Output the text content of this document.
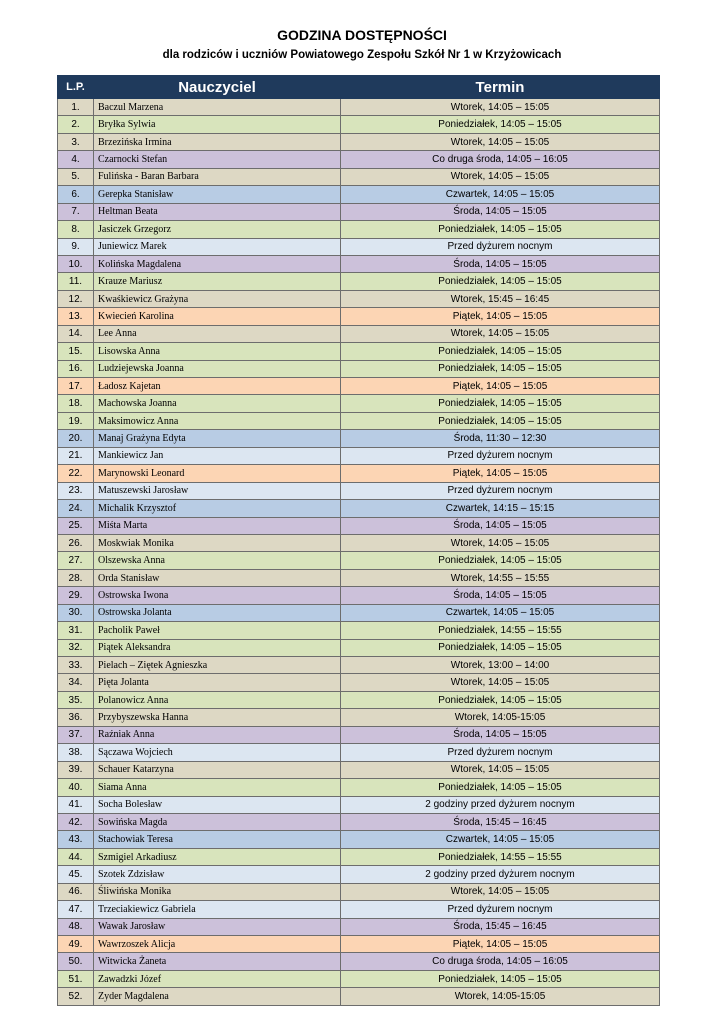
GODZINA DOSTĘPNOŚCI
dla rodziców i uczniów Powiatowego Zespołu Szkół Nr 1 w Krzyżowicach
L.P.	Nauczyciel	Termin
1.	Baczul Marzena	Wtorek, 14:05 – 15:05
2.	Bryłka Sylwia	Poniedziałek, 14:05 – 15:05
3.	Brzezińska Irmina	Wtorek, 14:05 – 15:05
4.	Czarnocki Stefan	Co druga środa, 14:05 – 16:05
5.	Fulińska - Baran Barbara	Wtorek, 14:05 – 15:05
6.	Gerepka Stanisław	Czwartek, 14:05 – 15:05
7.	Heltman Beata	Środa, 14:05 – 15:05
8.	Jasiczek Grzegorz	Poniedziałek, 14:05 – 15:05
9.	Juniewicz Marek	Przed dyżurem nocnym
10.	Kolińska Magdalena	Środa, 14:05 – 15:05
11.	Krauze Mariusz	Poniedziałek, 14:05 – 15:05
12.	Kwaśkiewicz Grażyna	Wtorek, 15:45 – 16:45
13.	Kwiecień Karolina	Piątek, 14:05 – 15:05
14.	Lee Anna	Wtorek, 14:05 – 15:05
15.	Lisowska Anna	Poniedziałek, 14:05 – 15:05
16.	Ludziejewska Joanna	Poniedziałek, 14:05 – 15:05
17.	Ładosz Kajetan	Piątek, 14:05 – 15:05
18.	Machowska Joanna	Poniedziałek, 14:05 – 15:05
19.	Maksimowicz Anna	Poniedziałek, 14:05 – 15:05
20.	Manaj Grażyna Edyta	Środa, 11:30 – 12:30
21.	Mankiewicz Jan	Przed dyżurem nocnym
22.	Marynowski Leonard	Piątek, 14:05 – 15:05
23.	Matuszewski Jarosław	Przed dyżurem nocnym
24.	Michalik Krzysztof	Czwartek, 14:15 – 15:15
25.	Miśta Marta	Środa, 14:05 – 15:05
26.	Moskwiak Monika	Wtorek, 14:05 – 15:05
27.	Olszewska Anna	Poniedziałek, 14:05 – 15:05
28.	Orda Stanisław	Wtorek, 14:55 – 15:55
29.	Ostrowska Iwona	Środa, 14:05 – 15:05
30.	Ostrowska Jolanta	Czwartek, 14:05 – 15:05
31.	Pacholik Paweł	Poniedziałek, 14:55 – 15:55
32.	Piątek Aleksandra	Poniedziałek, 14:05 – 15:05
33.	Pielach – Ziętek Agnieszka	Wtorek, 13:00 – 14:00
34.	Pięta Jolanta	Wtorek, 14:05 – 15:05
35.	Polanowicz Anna	Poniedziałek, 14:05 – 15:05
36.	Przybyszewska Hanna	Wtorek, 14:05-15:05
37.	Raźniak Anna	Środa, 14:05 – 15:05
38.	Sączawa Wojciech	Przed dyżurem nocnym
39.	Schauer Katarzyna	Wtorek, 14:05 – 15:05
40.	Siama Anna	Poniedziałek, 14:05 – 15:05
41.	Socha Bolesław	2 godziny przed dyżurem nocnym
42.	Sowińska Magda	Środa, 15:45 – 16:45
43.	Stachowiak Teresa	Czwartek, 14:05 – 15:05
44.	Szmigiel Arkadiusz	Poniedziałek, 14:55 – 15:55
45.	Szotek Zdzisław	2 godziny przed dyżurem nocnym
46.	Śliwińska Monika	Wtorek, 14:05 – 15:05
47.	Trzeciakiewicz Gabriela	Przed dyżurem nocnym
48.	Wawak Jarosław	Środa, 15:45 – 16:45
49.	Wawrzoszek Alicja	Piątek, 14:05 – 15:05
50.	Witwicka Żaneta	Co druga środa, 14:05 – 16:05
51.	Zawadzki Józef	Poniedziałek, 14:05 – 15:05
52.	Zyder Magdalena	Wtorek, 14:05-15:05
